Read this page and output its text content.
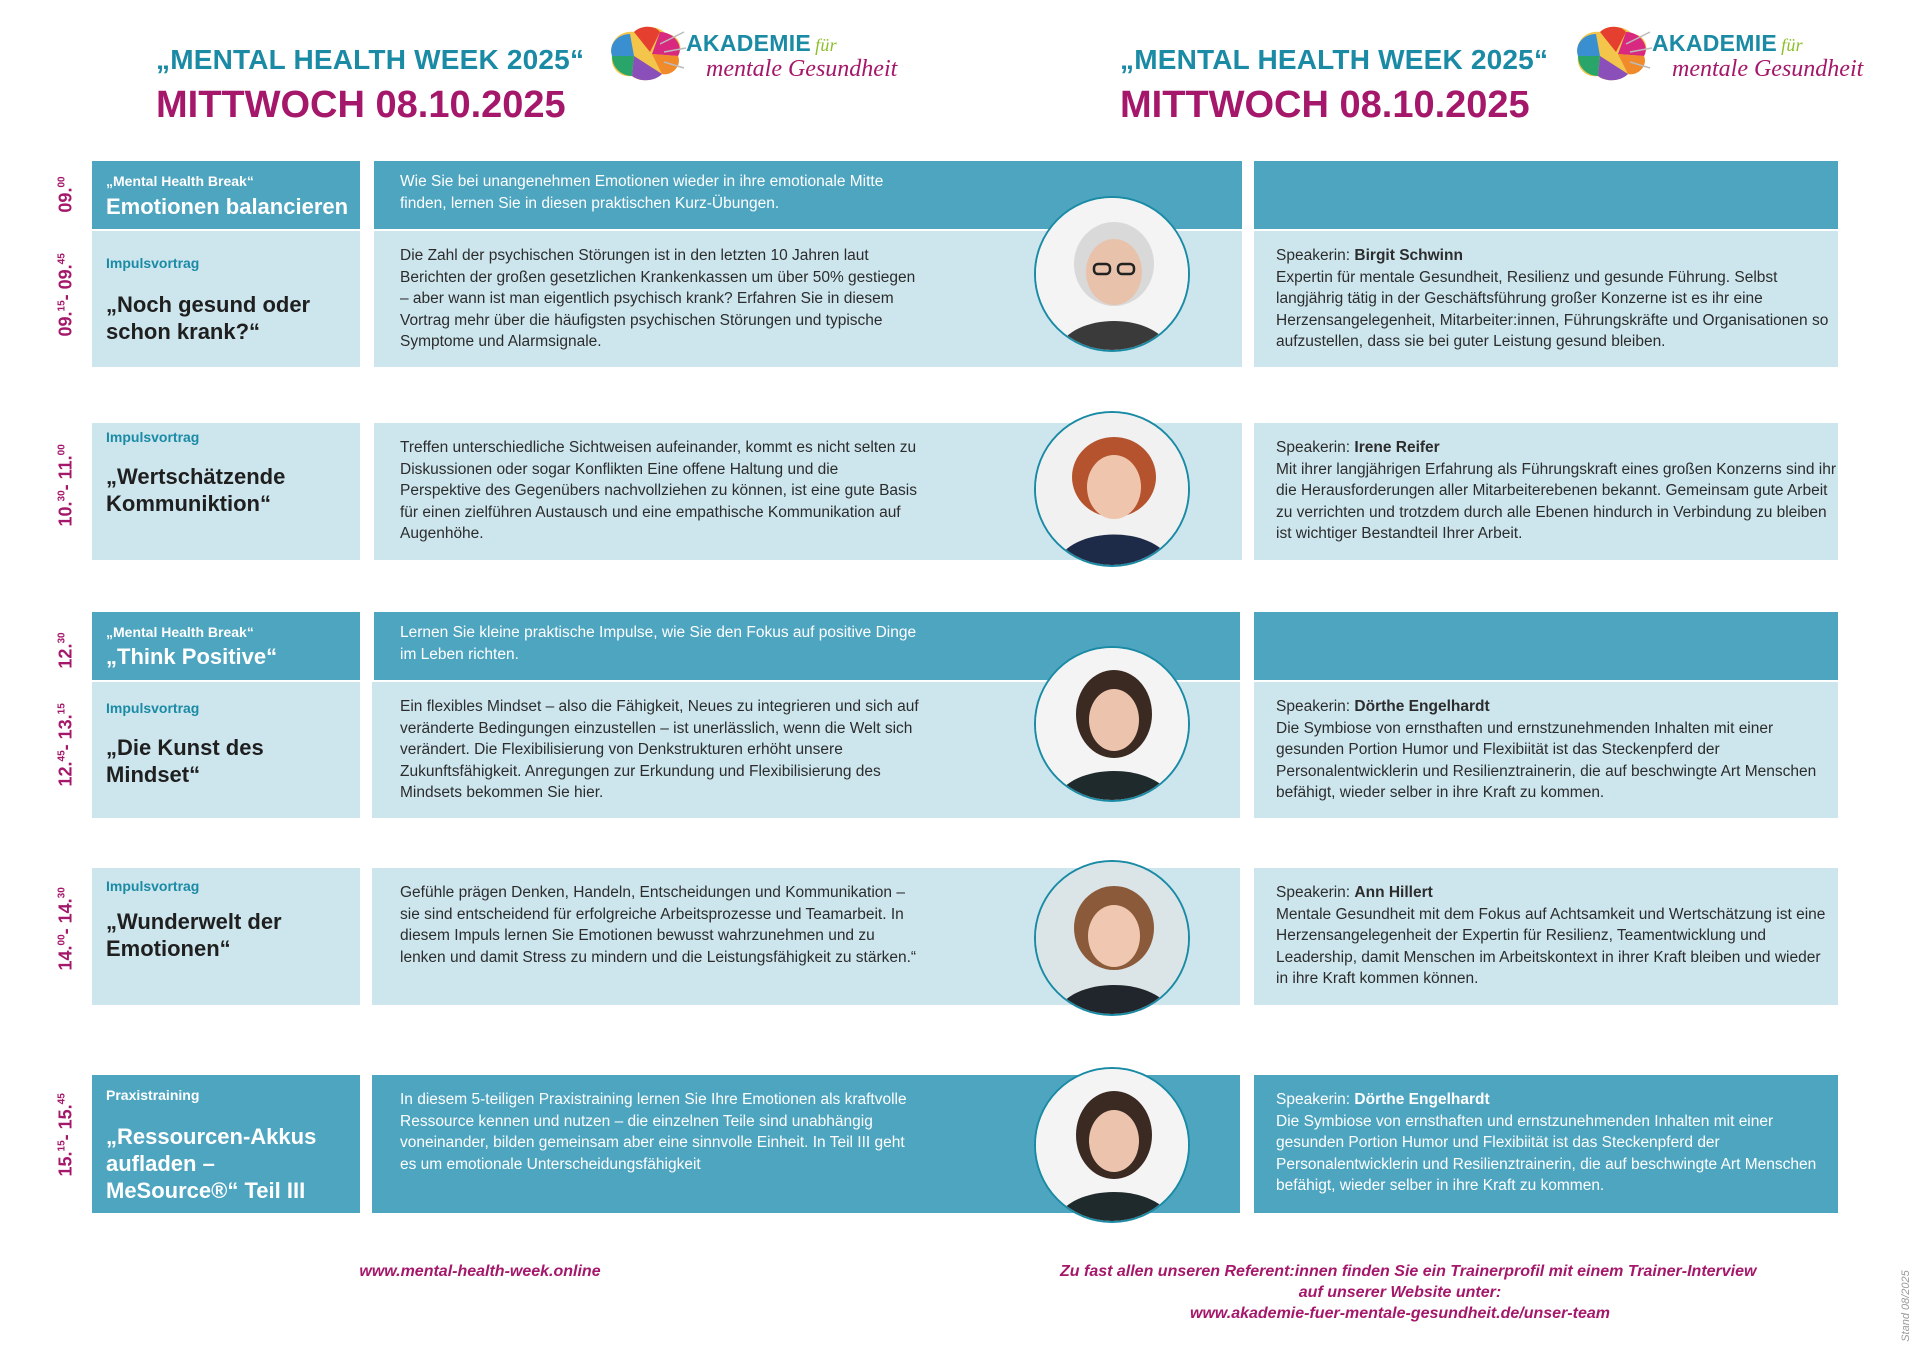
„MENTAL HEALTH WEEK 2025“
MITTWOCH 08.10.2025
AKADEMIE für
mentale Gesundheit	„MENTAL HEALTH WEEK 2025“
MITTWOCH 08.10.2025
AKADEMIE für
mentale Gesundheit
09.00	„Mental Health Break“
Emotionen balancieren
Wie Sie bei unangenehmen Emotionen wieder in ihre emotionale Mitte finden, lernen Sie in diesen praktischen Kurz-Übungen.
09.15- 09.45	Impulsvortrag
„Noch gesund oder schon krank?“
Die Zahl der psychischen Störungen ist in den letzten 10 Jahren laut Berichten der großen gesetzlichen Krankenkassen um über 50% gestiegen – aber wann ist man eigentlich psychisch krank? Erfahren Sie in diesem Vortrag mehr über die häufigsten psychischen Störungen und typische Symptome und Alarmsignale.
Speakerin: Birgit Schwinn
Expertin für mentale Gesundheit, Resilienz und gesunde Führung. Selbst langjährig tätig in der Geschäftsführung großer Konzerne ist es ihr eine Herzensangelegenheit, Mitarbeiter:innen, Führungskräfte und Organisationen so aufzustellen, dass sie bei guter Leistung gesund bleiben.
10.30- 11.00
Impulsvortrag
„Wertschätzende Kommuniktion“
Treffen unterschiedliche Sichtweisen aufeinander, kommt es nicht selten zu Diskussionen oder sogar Konflikten Eine offene Haltung und die Perspektive des Gegenübers nachvollziehen zu können, ist eine gute Basis für einen zielführen Austausch und eine empathische Kommunikation auf Augenhöhe.
Speakerin: Irene Reifer
Mit ihrer langjährigen Erfahrung als Führungskraft eines großen Konzerns sind ihr die Herausforderungen aller Mitarbeiterebenen bekannt. Gemeinsam gute Arbeit zu verrichten und trotzdem durch alle Ebenen hindurch in Verbindung zu bleiben ist wichtiger Bestandteil Ihrer Arbeit.
12.30	„Mental Health Break“
„Think Positive“
Lernen Sie kleine praktische Impulse, wie Sie den Fokus auf positive Dinge im Leben richten.
12.45- 13.15	Impulsvortrag
„Die Kunst des Mindset“
Ein flexibles Mindset – also die Fähigkeit, Neues zu integrieren und sich auf veränderte Bedingungen einzustellen – ist unerlässlich, wenn die Welt sich verändert. Die Flexibilisierung von Denkstrukturen erhöht unsere Zukunftsfähigkeit. Anregungen zur Erkundung und Flexibilisierung des Mindsets bekommen Sie hier.
Speakerin: Dörthe Engelhardt
Die Symbiose von ernsthaften und ernstzunehmenden Inhalten mit einer gesunden Portion Humor und Flexibiität ist das Steckenpferd der Personalentwicklerin und Resilienztrainerin, die auf beschwingte Art Menschen befähigt, wieder selber in ihre Kraft zu kommen.
14.00- 14.30	Impulsvortrag
„Wunderwelt der Emotionen“
Gefühle prägen Denken, Handeln, Entscheidungen und Kommunikation – sie sind entscheidend für erfolgreiche Arbeitsprozesse und Teamarbeit. In diesem Impuls lernen Sie Emotionen bewusst wahrzunehmen und zu lenken und damit Stress zu mindern und die Leistungsfähigkeit zu stärken.“
Speakerin: Ann Hillert
Mentale Gesundheit mit dem Fokus auf Achtsamkeit und Wertschätzung ist eine Herzensangelegenheit der Expertin für Resilienz, Teamentwicklung und Leadership, damit Menschen im Arbeitskontext in ihrer Kraft bleiben und wieder in ihre Kraft kommen können.
15.15- 15.45	Praxistraining
„Ressourcen-Akkus aufladen – MeSource®“ Teil III
In diesem 5-teiligen Praxistraining lernen Sie Ihre Emotionen als kraftvolle Ressource kennen und nutzen – die einzelnen Teile sind unabhängig voneinander, bilden gemeinsam aber eine sinnvolle Einheit. In Teil III geht es um emotionale Unterscheidungsfähigkeit
Speakerin: Dörthe Engelhardt
Die Symbiose von ernsthaften und ernstzunehmenden Inhalten mit einer gesunden Portion Humor und Flexibiität ist das Steckenpferd der Personalentwicklerin und Resilienztrainerin, die auf beschwingte Art Menschen befähigt, wieder selber in ihre Kraft zu kommen.
www.mental-health-week.online	Zu fast allen unseren Referent:innen finden Sie ein Trainerprofil mit einem Trainer-Interview
auf unserer Website unter:
www.akademie-fuer-mentale-gesundheit.de/unser-team	Stand 08/2025
